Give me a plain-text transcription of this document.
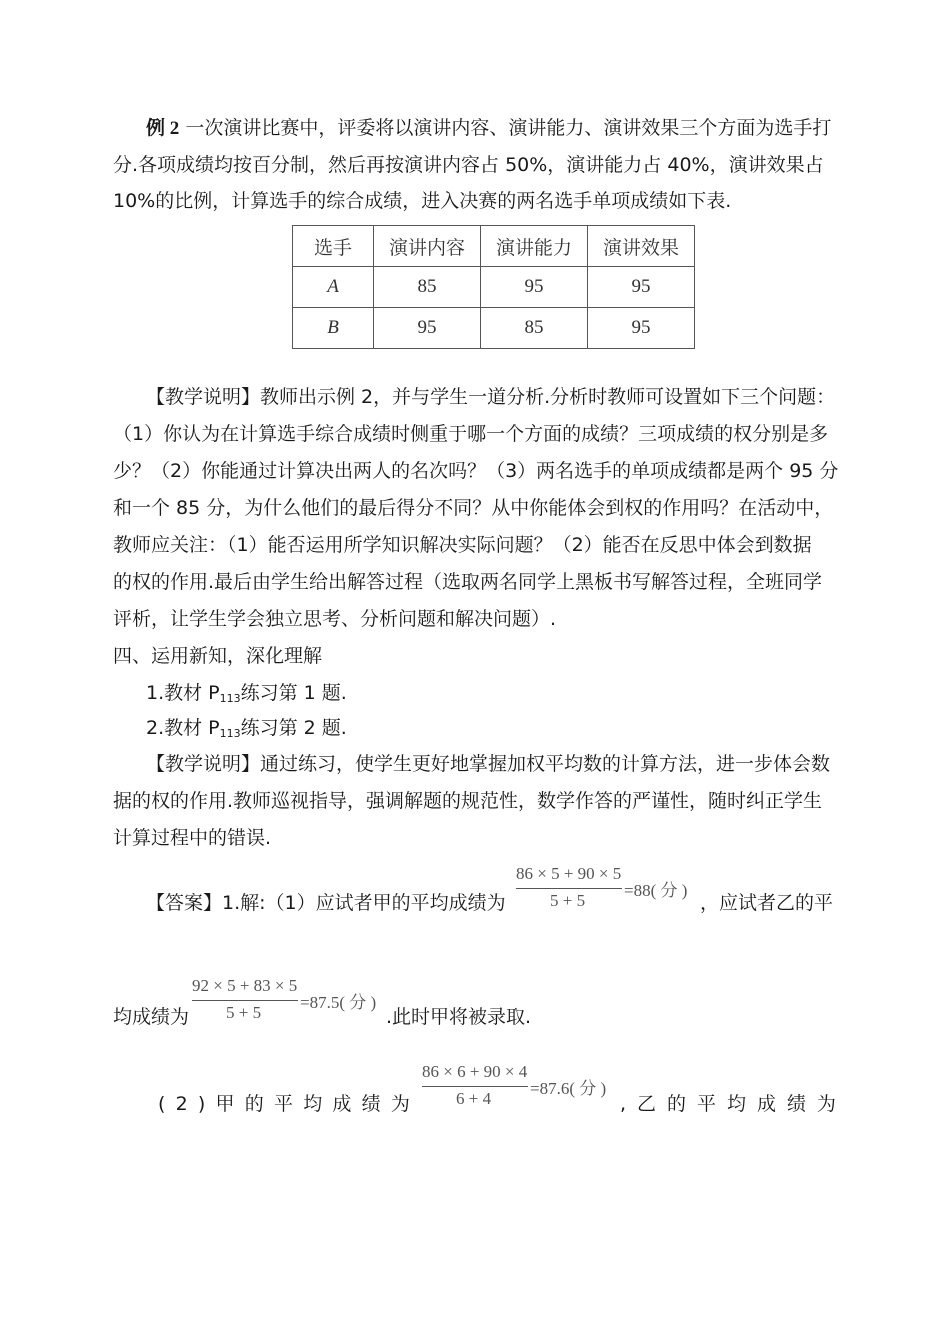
例 2 一次演讲比赛中，评委将以演讲内容、演讲能力、演讲效果三个方面为选手打
分.各项成绩均按百分制，然后再按演讲内容占 50%，演讲能力占 40%，演讲效果占
10%的比例，计算选手的综合成绩，进入决赛的两名选手单项成绩如下表.
选手	演讲内容	演讲能力	演讲效果
A	85	95	95
B	95	85	95
【教学说明】教师出示例 2，并与学生一道分析.分析时教师可设置如下三个问题：
（1）你认为在计算选手综合成绩时侧重于哪一个方面的成绩？三项成绩的权分别是多
少？（2）你能通过计算决出两人的名次吗？（3）两名选手的单项成绩都是两个 95 分
和一个 85 分，为什么他们的最后得分不同？从中你能体会到权的作用吗？在活动中，
教师应关注：（1）能否运用所学知识解决实际问题？（2）能否在反思中体会到数据
的权的作用.最后由学生给出解答过程（选取两名同学上黑板书写解答过程，全班同学
评析，让学生学会独立思考、分析问题和解决问题）.
四、运用新知，深化理解
1.教材 $P_{113}$练习第 1 题.
2.教材 $P_{113}$练习第 2 题.
【教学说明】通过练习，使学生更好地掌握加权平均数的计算方法，进一步体会数
据的权的作用.教师巡视指导，强调解题的规范性，数学作答的严谨性，随时纠正学生
计算过程中的错误.
【答案】1.解:（1）应试者甲的平均成绩为
86 × 5 + 90 × 5
5 + 5
=88( 分 )
，应试者乙的平
92 × 5 + 83 × 5
5 + 5
=87.5( 分 )
均成绩为	.此时甲将被录取.
86 × 6 + 90 × 4
6 + 4
=87.6( 分 )
( 2 ) 甲 的 平 均 成 绩 为	, 乙 的 平 均 成 绩 为
